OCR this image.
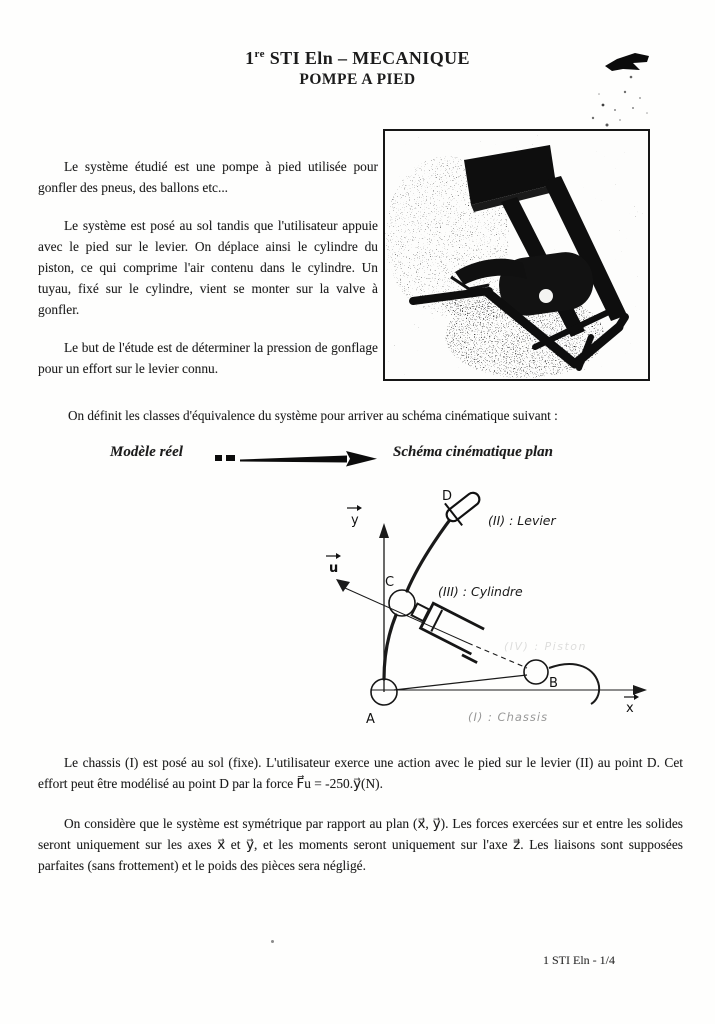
1re STI Eln – MECANIQUE
POMPE A PIED
Le système étudié est une pompe à pied utilisée pour gonfler des pneus, des ballons etc...
Le système est posé au sol tandis que l'utilisateur appuie avec le pied sur le levier. On déplace ainsi le cylindre du piston, ce qui comprime l'air contenu dans le cylindre. Un tuyau, fixé sur le cylindre, vient se monter sur la valve à gonfler.
Le but de l'étude est de déterminer la pression de gonflage pour un effort sur le levier connu.
On définit les classes d'équivalence du système pour arriver au schéma cinématique suivant :
Modèle réel	Schéma cinématique plan
y
u
x
D
C
A
B
(II) : Levier
(III) : Cylindre
(IV) : Piston
(I) : Chassis
Le chassis (I) est posé au sol (fixe). L'utilisateur exerce une action avec le pied sur le levier (II) au point D. Cet effort peut être modélisé au point D par la force F⃗u = -250.y⃗(N).
On considère que le système est symétrique par rapport au plan (x⃗, y⃗). Les forces exercées sur et entre les solides seront uniquement sur les axes x⃗ et y⃗, et les moments seront uniquement sur l'axe z⃗. Les liaisons sont supposées parfaites (sans frottement) et le poids des pièces sera négligé.
1 STI Eln - 1/4
